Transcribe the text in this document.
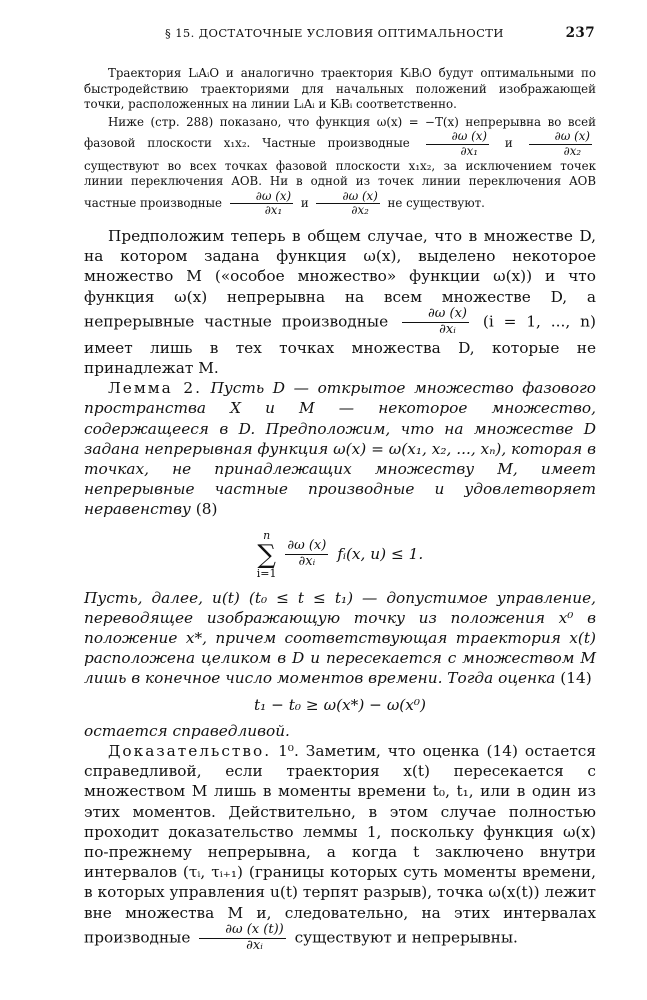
§ 15. ДОСТАТОЧНЫЕ УСЛОВИЯ ОПТИМАЛЬНОСТИ	237

Траектория LᵢAᵢO и аналогично траектория KᵢBᵢO будут оптимальными по быстродействию траекториями для начальных положений изображающей точки, расположенных на линии LᵢAᵢ и KᵢBᵢ соответственно.

Ниже (стр. 288) показано, что функция ω(x) = −T(x) непрерывна во всей фазовой плоскости x₁x₂. Частные производные $\frac{\partial\omega (x)}{\text{∂x₁}}$ и $\frac{\partial\omega (x)}{\text{∂x₂}}$
существуют во всех точках фазовой плоскости x₁x₂, за исключением точек линии переключения AOB. Ни в одной из точек линии переключения AOB частные производные $\frac{\partial\omega (x)}{\text{∂x₁}}$ и $\frac{\partial\omega (x)}{\text{∂x₂}}$ не существуют.

Предположим теперь в общем случае, что в множестве D, на котором задана функция ω(x), выделено некоторое множество M («особое множество» функции ω(x)) и что функция ω(x) непрерывна на всем множестве D, а непрерывные частные производные $\frac{\partial\omega (x)}{\text{∂xᵢ}} (i = 1$, ..., n) имеет лишь в тех точках множества D, которые не принадлежат M.

Лемма 2. Пусть D — открытое множество фазового пространства X и M — некоторое множество, содержащееся в D. Предположим, что на множестве D задана непрерывная функция ω(x) = ω(x₁, x₂, ..., xₙ), которая в точках, не принадлежащих множеству M, имеет непрерывные частные производные и удовлетворяет неравенству (8)

n
∑
i=1

$\frac{\partial\omega (x)}{\text{∂xᵢ}}$ fᵢ(x, u) ≤ 1.

Пусть, далее, u(t) (t₀ ≤ t ≤ t₁) — допустимое управление, переводящее изображающую точку из положения x⁰ в положение x*, причем соответствующая траектория x(t) расположена целиком в D и пересекается с множеством M лишь в конечное число моментов времени. Тогда оценка (14)

t₁ − t₀ ≥ ω(x*) − ω(x⁰)

остается справедливой.

Доказательство. 1⁰. Заметим, что оценка (14) остается справедливой, если траектория x(t) пересекается с множеством M лишь в моменты времени t₀, t₁, или в один из этих моментов. Действительно, в этом случае полностью проходит доказательство леммы 1, поскольку функция ω(x) по-прежнему непрерывна, а когда t заключено внутри интервалов (τᵢ, τᵢ₊₁) (границы которых суть моменты времени, в которых управления u(t) терпят разрыв), точка ω(x(t)) лежит вне множества M и, следовательно, на этих интервалах производные $\frac{\partial\omega (x (t))}{\text{∂xᵢ}}$ существуют и непрерывны.
